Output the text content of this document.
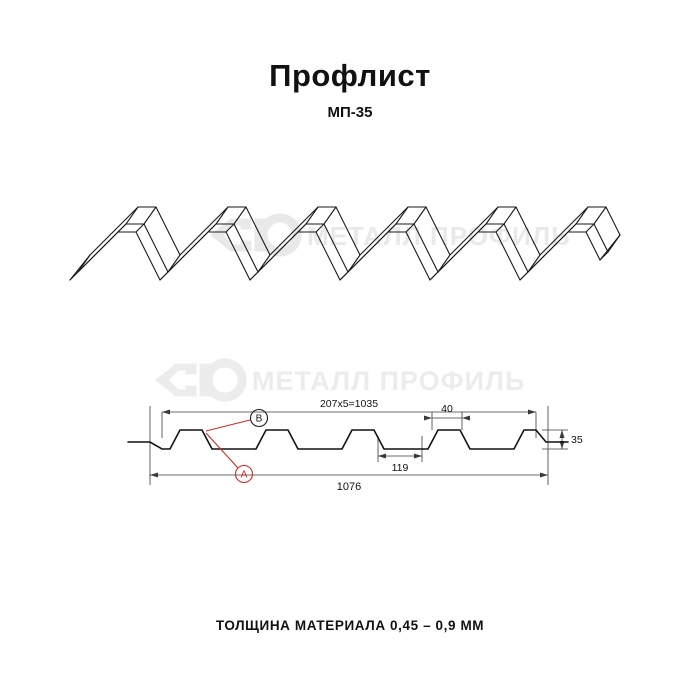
Профлист
МП-35
МЕТАЛЛ ПРОФИЛЬ
МЕТАЛЛ ПРОФИЛЬ
A
B
207х5=1035	40
119
35
1076
ТОЛЩИНА МАТЕРИАЛА 0,45 – 0,9 ММ
